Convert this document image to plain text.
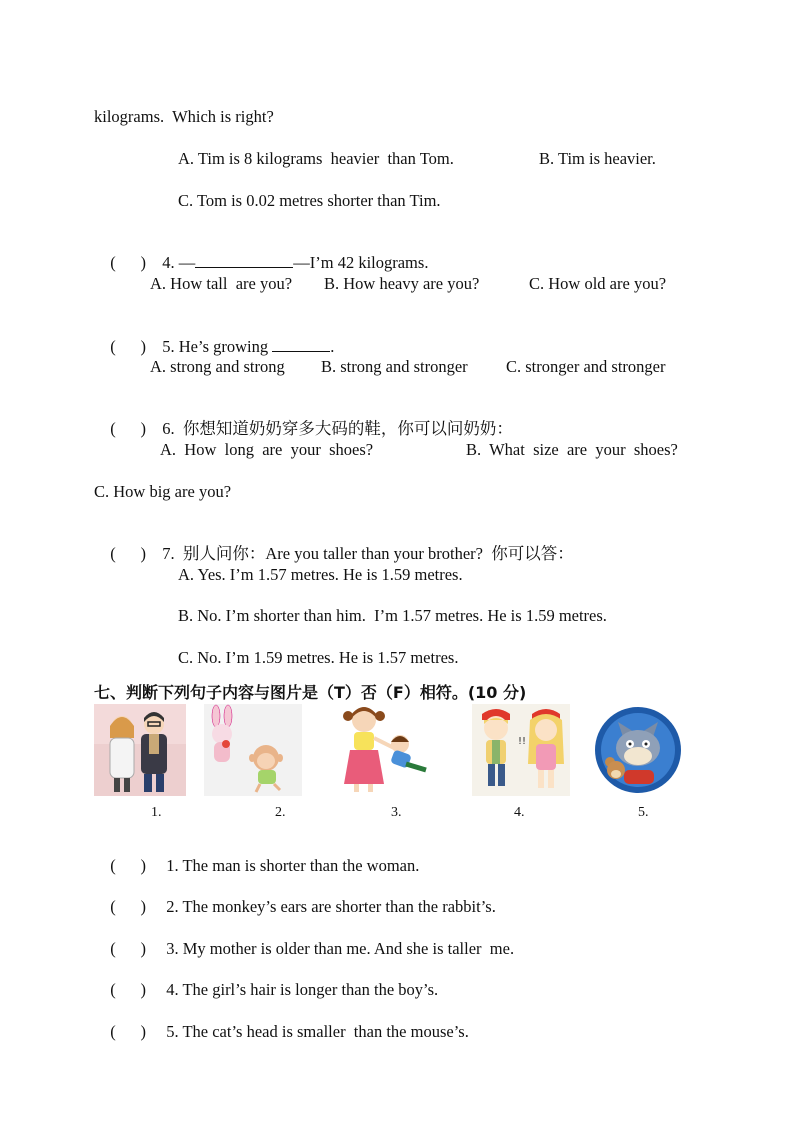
kilograms.  Which is right?
A. Tim is 8 kilograms  heavier  than Tom.	B. Tim is heavier.
C. Tom is 0.02 metres shorter than Tim.

(      ) 4. —	—I’m 42 kilograms.

A. How tall  are you? B. How heavy are you?	C. How old are you?

(      ) 5. He’s growing	.

A. strong and strong B. strong and stronger C. stronger and stronger

(      ) 6.  你想知道奶奶穿多大码的鞋，你可以问奶奶：

A.  How  long  are  your  shoes?	B.  What  size  are  your  shoes?
C. How big are you?

(      ) 7.  别人问你：Are you taller than your brother?  你可以答：

A. Yes. I’m 1.57 metres. He is 1.59 metres.
B. No. I’m shorter than him.  I’m 1.57 metres. He is 1.59 metres.
C. No. I’m 1.59 metres. He is 1.57 metres.
七、判断下列句子内容与图片是（T）否（F）相符。(10 分)
!!
1.	2.	3.	4.	5.

(      ) 1. The man is shorter than the woman.

(      ) 2. The monkey’s ears are shorter than the rabbit’s.

(      ) 3. My mother is older than me. And she is taller  me.

(      ) 4. The girl’s hair is longer than the boy’s.

(      ) 5. The cat’s head is smaller  than the mouse’s.
